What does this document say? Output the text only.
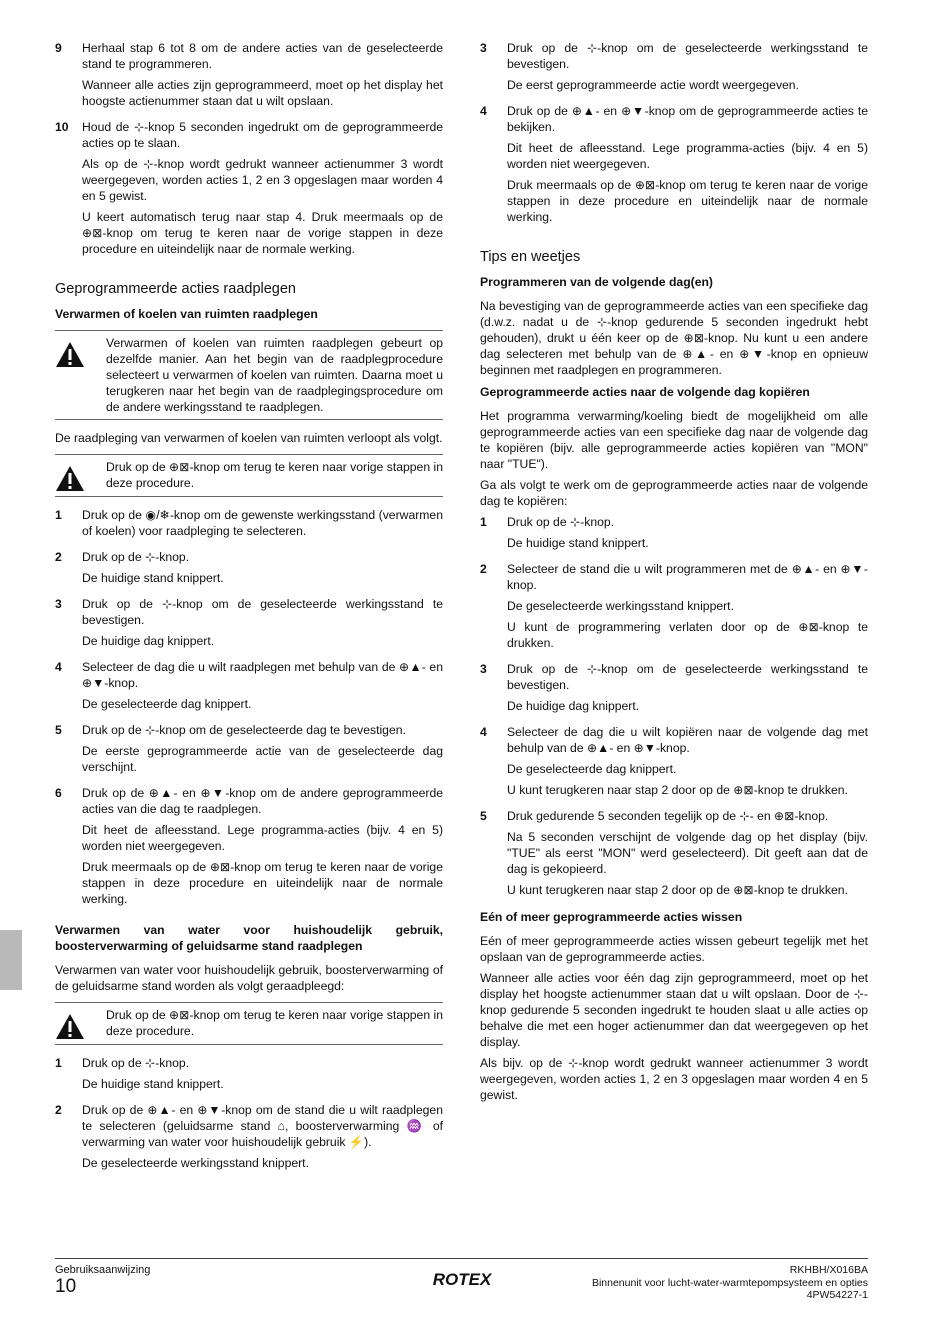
9	Herhaal stap 6 tot 8 om de andere acties van de geselecteerde stand te programmeren.

Wanneer alle acties zijn geprogrammeerd, moet op het display het hoogste actienummer staan dat u wilt opslaan.

10	Houd de ⊹-knop 5 seconden ingedrukt om de geprogrammeerde acties op te slaan.

Als op de ⊹-knop wordt gedrukt wanneer actienummer 3 wordt weergegeven, worden acties 1, 2 en 3 opgeslagen maar worden 4 en 5 gewist.

U keert automatisch terug naar stap 4. Druk meermaals op de ⊕⊠-knop om terug te keren naar de vorige stappen in deze procedure en uiteindelijk naar de normale werking.

Geprogrammeerde acties raadplegen
Verwarmen of koelen van ruimten raadplegen

Verwarmen of koelen van ruimten raadplegen gebeurt op dezelfde manier. Aan het begin van de raadplegprocedure selecteert u verwarmen of koelen van ruimten. Daarna moet u terugkeren naar het begin van de raadplegingsprocedure om de andere werkingsstand te raadplegen.

De raadpleging van verwarmen of koelen van ruimten verloopt als volgt.

Druk op de ⊕⊠-knop om terug te keren naar vorige stappen in deze procedure.

1	Druk op de ◉/❄-knop om de gewenste werkingsstand (verwarmen of koelen) voor raadpleging te selecteren.

2	Druk op de ⊹-knop.

De huidige stand knippert.

3	Druk op de ⊹-knop om de geselecteerde werkingsstand te bevestigen.

De huidige dag knippert.

4	Selecteer de dag die u wilt raadplegen met behulp van de ⊕▲- en ⊕▼-knop.

De geselecteerde dag knippert.

5	Druk op de ⊹-knop om de geselecteerde dag te bevestigen.

De eerste geprogrammeerde actie van de geselecteerde dag verschijnt.

6	Druk op de ⊕▲- en ⊕▼-knop om de andere geprogrammeerde acties van die dag te raadplegen.

Dit heet de afleesstand. Lege programma-acties (bijv. 4 en 5) worden niet weergegeven.

Druk meermaals op de ⊕⊠-knop om terug te keren naar de vorige stappen in deze procedure en uiteindelijk naar de normale werking.

Verwarmen van water voor huishoudelijk gebruik, boosterverwarming of geluidsarme stand raadplegen

Verwarmen van water voor huishoudelijk gebruik, boosterverwarming of de geluidsarme stand worden als volgt geraadpleegd:

Druk op de ⊕⊠-knop om terug te keren naar vorige stappen in deze procedure.

1	Druk op de ⊹-knop.

De huidige stand knippert.

2	Druk op de ⊕▲- en ⊕▼-knop om de stand die u wilt raadplegen te selecteren (geluidsarme stand ⌂, boosterverwarming ♒ of verwarming van water voor huishoudelijk gebruik ⚡).

De geselecteerde werkingsstand knippert.

3	Druk op de ⊹-knop om de geselecteerde werkingsstand te bevestigen.

De eerst geprogrammeerde actie wordt weergegeven.

4	Druk op de ⊕▲- en ⊕▼-knop om de geprogrammeerde acties te bekijken.

Dit heet de afleesstand. Lege programma-acties (bijv. 4 en 5) worden niet weergegeven.

Druk meermaals op de ⊕⊠-knop om terug te keren naar de vorige stappen in deze procedure en uiteindelijk naar de normale werking.

Tips en weetjes
Programmeren van de volgende dag(en)

Na bevestiging van de geprogrammeerde acties van een specifieke dag (d.w.z. nadat u de ⊹-knop gedurende 5 seconden ingedrukt hebt gehouden), drukt u één keer op de ⊕⊠-knop. Nu kunt u een andere dag selecteren met behulp van de ⊕▲- en ⊕▼-knop en opnieuw beginnen met raadplegen en programmeren.

Geprogrammeerde acties naar de volgende dag kopiëren

Het programma verwarming/koeling biedt de mogelijkheid om alle geprogrammeerde acties van een specifieke dag naar de volgende dag te kopiëren (bijv. alle geprogrammeerde acties kopiëren van "MON" naar "TUE").

Ga als volgt te werk om de geprogrammeerde acties naar de volgende dag te kopiëren:

1	Druk op de ⊹-knop.

De huidige stand knippert.

2	Selecteer de stand die u wilt programmeren met de ⊕▲- en ⊕▼-knop.

De geselecteerde werkingsstand knippert.

U kunt de programmering verlaten door op de ⊕⊠-knop te drukken.

3	Druk op de ⊹-knop om de geselecteerde werkingsstand te bevestigen.

De huidige dag knippert.

4	Selecteer de dag die u wilt kopiëren naar de volgende dag met behulp van de ⊕▲- en ⊕▼-knop.

De geselecteerde dag knippert.

U kunt terugkeren naar stap 2 door op de ⊕⊠-knop te drukken.

5	Druk gedurende 5 seconden tegelijk op de ⊹- en ⊕⊠-knop.

Na 5 seconden verschijnt de volgende dag op het display (bijv. "TUE" als eerst "MON" werd geselecteerd). Dit geeft aan dat de dag is gekopieerd.

U kunt terugkeren naar stap 2 door op de ⊕⊠-knop te drukken.

Eén of meer geprogrammeerde acties wissen

Eén of meer geprogrammeerde acties wissen gebeurt tegelijk met het opslaan van de geprogrammeerde acties.

Wanneer alle acties voor één dag zijn geprogrammeerd, moet op het display het hoogste actienummer staan dat u wilt opslaan. Door de ⊹-knop gedurende 5 seconden ingedrukt te houden slaat u alle acties op behalve die met een hoger actienummer dan dat weergegeven op het display.

Als bijv. op de ⊹-knop wordt gedrukt wanneer actienummer 3 wordt weergegeven, worden acties 1, 2 en 3 opgeslagen maar worden 4 en 5 gewist.

Gebruiksaanwijzing
10	ROTEX	RKHBH/X016BA
Binnenunit voor lucht-water-warmtepompsysteem en opties
4PW54227-1
